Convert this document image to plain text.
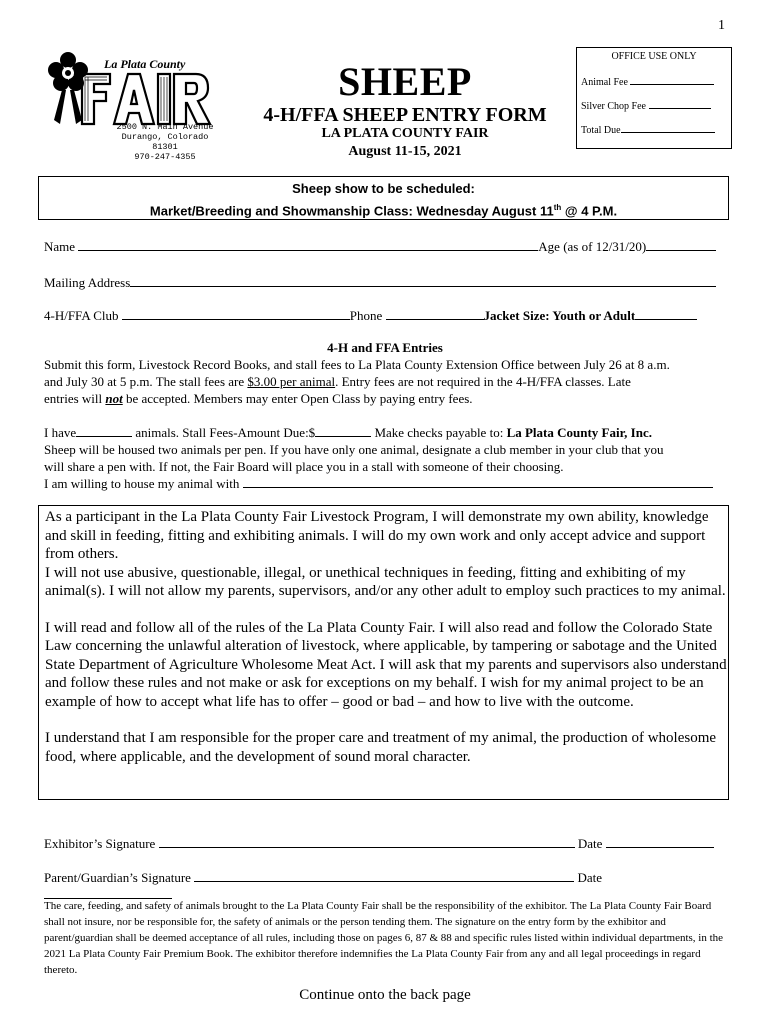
1
La Plata County
2500 N. Main Avenue
Durango, Colorado 81301
970-247-4355
SHEEP
4-H/FFA SHEEP ENTRY FORM
LA PLATA COUNTY FAIR
August 11-15, 2021
OFFICE USE ONLY
Animal Fee
Silver Chop Fee
Total Due
Sheep show to be scheduled:
Market/Breeding and Showmanship Class: Wednesday August 11th @ 4 P.M.
Name	Age (as of 12/31/20)
Mailing Address
4-H/FFA Club	Phone	Jacket Size: Youth or Adult
4-H and FFA Entries
Submit this form, Livestock Record Books, and stall fees to La Plata County Extension Office between July 26 at 8 a.m.
and July 30 at 5 p.m. The stall fees are $3.00 per animal. Entry fees are not required in the 4-H/FFA classes. Late
entries will not be accepted. Members may enter Open Class by paying entry fees.
I have	animals. Stall Fees-Amount Due:$	Make checks payable to: La Plata County Fair, Inc.
Sheep will be housed two animals per pen. If you have only one animal, designate a club member in your club that you
will share a pen with. If not, the Fair Board will place you in a stall with someone of their choosing.
I am willing to house my animal with
As a participant in the La Plata County Fair Livestock Program, I will demonstrate my own ability, knowledge and skill in feeding, fitting and exhibiting animals. I will do my own work and only accept advice and support from others.
I will not use abusive, questionable, illegal, or unethical techniques in feeding, fitting and exhibiting of my animal(s). I will not allow my parents, supervisors, and/or any other adult to employ such practices to my animal.
I will read and follow all of the rules of the La Plata County Fair. I will also read and follow the Colorado State Law concerning the unlawful alteration of livestock, where applicable, by tampering or sabotage and the United State Department of Agriculture Wholesome Meat Act. I will ask that my parents and supervisors also understand and follow these rules and not make or ask for exceptions on my behalf. I wish for my animal project to be an example of how to accept what life has to offer – good or bad – and how to live with the outcome.
I understand that I am responsible for the proper care and treatment of my animal, the production of wholesome food, where applicable, and the development of sound moral character.
Exhibitor’s Signature	Date
Parent/Guardian’s Signature	Date
The care, feeding, and safety of animals brought to the La Plata County Fair shall be the responsibility of the exhibitor. The La Plata County Fair Board shall not insure, nor be responsible for, the safety of animals or the person tending them. The signature on the entry form by the exhibitor and parent/guardian shall be deemed acceptance of all rules, including those on pages 6, 87 & 88 and specific rules listed within individual departments, in the 2021 La Plata County Fair Premium Book. The exhibitor therefore indemnifies the La Plata County Fair from any and all legal proceedings in regard thereto.
Continue onto the back page
